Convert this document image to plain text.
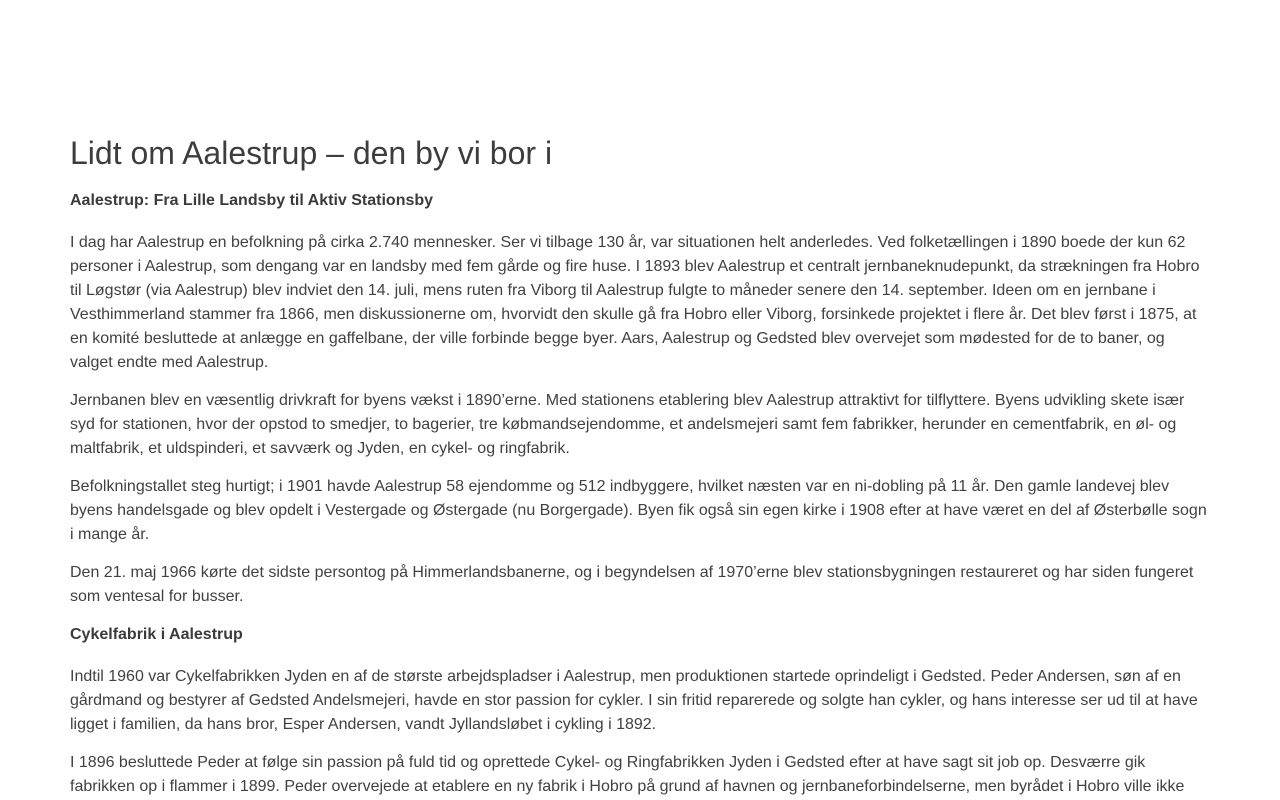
Lidt om Aalestrup – den by vi bor i
Aalestrup: Fra Lille Landsby til Aktiv Stationsby

I dag har Aalestrup en befolkning på cirka 2.740 mennesker. Ser vi tilbage 130 år, var situationen helt anderledes. Ved folketællingen i 1890 boede der kun 62 personer i Aalestrup, som dengang var en landsby med fem gårde og fire huse. I 1893 blev Aalestrup et centralt jernbaneknudepunkt, da strækningen fra Hobro til Løgstør (via Aalestrup) blev indviet den 14. juli, mens ruten fra Viborg til Aalestrup fulgte to måneder senere den 14. september. Ideen om en jernbane i Vesthimmerland stammer fra 1866, men diskussionerne om, hvorvidt den skulle gå fra Hobro eller Viborg, forsinkede projektet i flere år. Det blev først i 1875, at en komité besluttede at anlægge en gaffelbane, der ville forbinde begge byer. Aars, Aalestrup og Gedsted blev overvejet som mødested for de to baner, og valget endte med Aalestrup.

Jernbanen blev en væsentlig drivkraft for byens vækst i 1890’erne. Med stationens etablering blev Aalestrup attraktivt for tilflyttere. Byens udvikling skete især syd for stationen, hvor der opstod to smedjer, to bagerier, tre købmandsejendomme, et andelsmejeri samt fem fabrikker, herunder en cementfabrik, en øl- og maltfabrik, et uldspinderi, et savværk og Jyden, en cykel- og ringfabrik.

Befolkningstallet steg hurtigt; i 1901 havde Aalestrup 58 ejendomme og 512 indbyggere, hvilket næsten var en ni-dobling på 11 år. Den gamle landevej blev byens handelsgade og blev opdelt i Vestergade og Østergade (nu Borgergade). Byen fik også sin egen kirke i 1908 efter at have været en del af Østerbølle sogn i mange år.

Den 21. maj 1966 kørte det sidste persontog på Himmerlandsbanerne, og i begyndelsen af 1970’erne blev stationsbygningen restaureret og har siden fungeret som ventesal for busser.

Cykelfabrik i Aalestrup

Indtil 1960 var Cykelfabrikken Jyden en af de største arbejdspladser i Aalestrup, men produktionen startede oprindeligt i Gedsted. Peder Andersen, søn af en gårdmand og bestyrer af Gedsted Andelsmejeri, havde en stor passion for cykler. I sin fritid reparerede og solgte han cykler, og hans interesse ser ud til at have ligget i familien, da hans bror, Esper Andersen, vandt Jyllandsløbet i cykling i 1892.

I 1896 besluttede Peder at følge sin passion på fuld tid og oprettede Cykel- og Ringfabrikken Jyden i Gedsted efter at have sagt sit job op. Desværre gik fabrikken op i flammer i 1899. Peder overvejede at etablere en ny fabrik i Hobro på grund af havnen og jernbaneforbindelserne, men byrådet i Hobro ville ikke
